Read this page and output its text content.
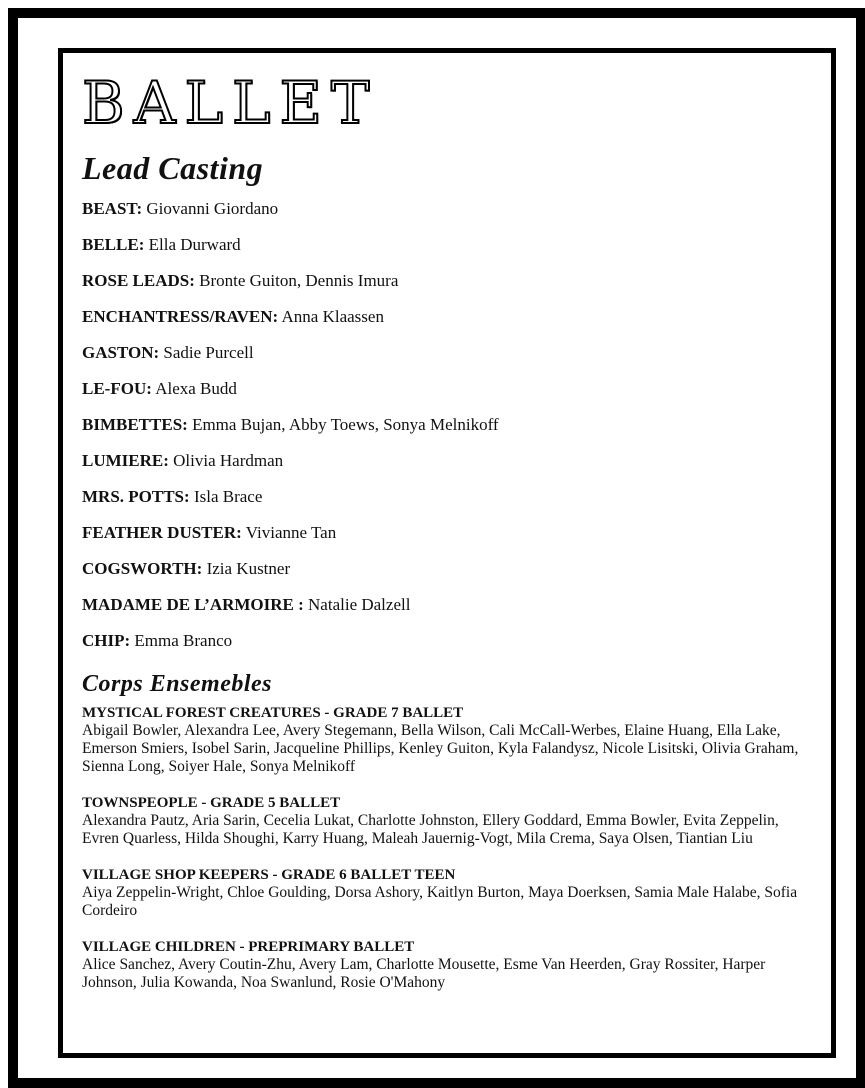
BALLET
Lead Casting
BEAST: Giovanni Giordano
BELLE: Ella Durward
ROSE LEADS: Bronte Guiton, Dennis Imura
ENCHANTRESS/RAVEN: Anna Klaassen
GASTON: Sadie Purcell
LE-FOU: Alexa Budd
BIMBETTES: Emma Bujan, Abby Toews, Sonya Melnikoff
LUMIERE: Olivia Hardman
MRS. POTTS: Isla Brace
FEATHER DUSTER: Vivianne Tan
COGSWORTH: Izia Kustner
MADAME DE L’ARMOIRE : Natalie Dalzell
CHIP: Emma Branco
Corps Ensemebles
MYSTICAL FOREST CREATURES - GRADE 7 BALLET
Abigail Bowler, Alexandra Lee, Avery Stegemann, Bella Wilson, Cali McCall-Werbes, Elaine Huang, Ella Lake, Emerson Smiers, Isobel Sarin, Jacqueline Phillips, Kenley Guiton, Kyla Falandysz, Nicole Lisitski, Olivia Graham, Sienna Long, Soiyer Hale, Sonya Melnikoff
TOWNSPEOPLE - GRADE 5 BALLET
Alexandra Pautz, Aria Sarin, Cecelia Lukat, Charlotte Johnston, Ellery Goddard, Emma Bowler, Evita Zeppelin, Evren Quarless, Hilda Shoughi, Karry Huang, Maleah Jauernig-Vogt, Mila Crema, Saya Olsen, Tiantian Liu
VILLAGE SHOP KEEPERS - GRADE 6 BALLET TEEN
Aiya Zeppelin-Wright, Chloe Goulding, Dorsa Ashory, Kaitlyn Burton, Maya Doerksen, Samia Male Halabe, Sofia Cordeiro
VILLAGE CHILDREN - PREPRIMARY BALLET
Alice Sanchez, Avery Coutin-Zhu, Avery Lam, Charlotte Mousette, Esme Van Heerden, Gray Rossiter, Harper Johnson, Julia Kowanda, Noa Swanlund, Rosie O'Mahony
